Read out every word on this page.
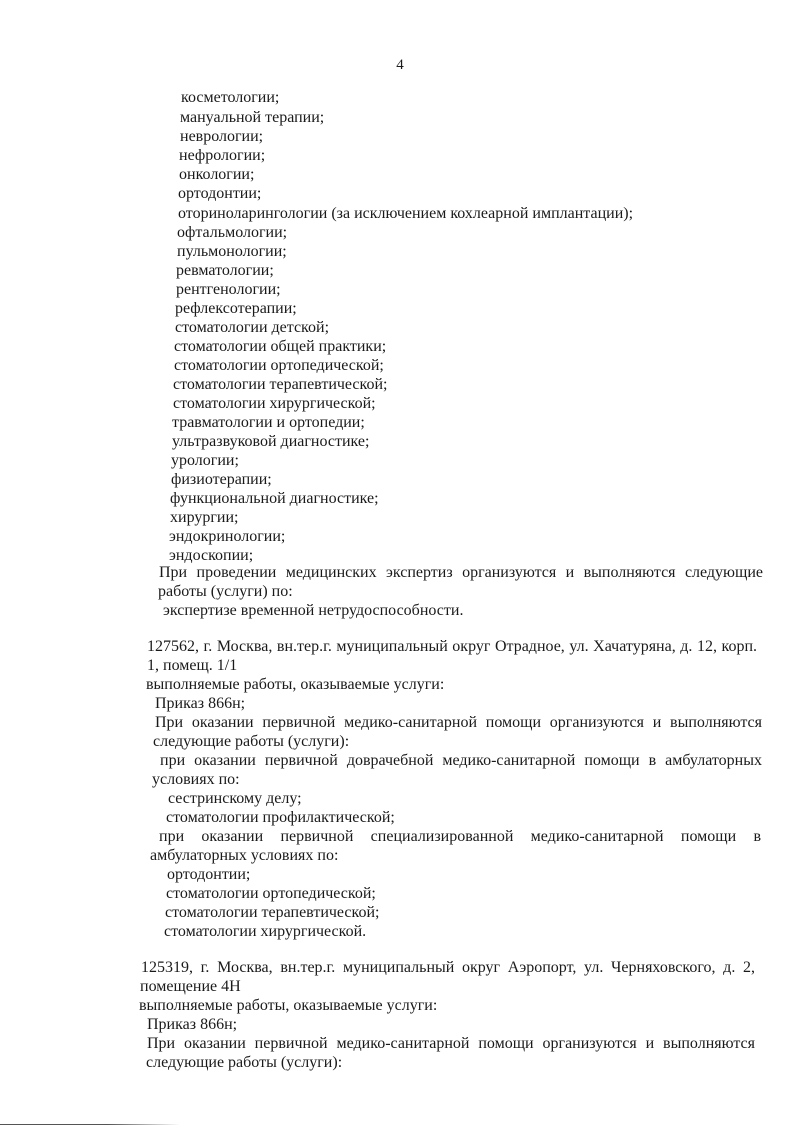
4
косметологии;
мануальной терапии;
неврологии;
нефрологии;
онкологии;
ортодонтии;
оториноларингологии (за исключением кохлеарной имплантации);
офтальмологии;
пульмонологии;
ревматологии;
рентгенологии;
рефлексотерапии;
стоматологии детской;
стоматологии общей практики;
стоматологии ортопедической;
стоматологии терапевтической;
стоматологии хирургической;
травматологии и ортопедии;
ультразвуковой диагностике;
урологии;
физиотерапии;
функциональной диагностике;
хирургии;
эндокринологии;
эндоскопии;
При проведении медицинских экспертиз организуются и выполняются следующие
работы (услуги) по:
экспертизе временной нетрудоспособности.
127562, г. Москва, вн.тер.г. муниципальный округ Отрадное, ул. Хачатуряна, д. 12, корп.
1, помещ. 1/1
выполняемые работы, оказываемые услуги:
Приказ 866н;
При оказании первичной медико-санитарной помощи организуются и выполняются
следующие работы (услуги):
при оказании первичной доврачебной медико-санитарной помощи в амбулаторных
условиях по:
сестринскому делу;
стоматологии профилактической;
при оказании первичной специализированной медико-санитарной помощи в
амбулаторных условиях по:
ортодонтии;
стоматологии ортопедической;
стоматологии терапевтической;
стоматологии хирургической.
125319, г. Москва, вн.тер.г. муниципальный округ Аэропорт, ул. Черняховского, д. 2,
помещение 4Н
выполняемые работы, оказываемые услуги:
Приказ 866н;
При оказании первичной медико-санитарной помощи организуются и выполняются
следующие работы (услуги):
